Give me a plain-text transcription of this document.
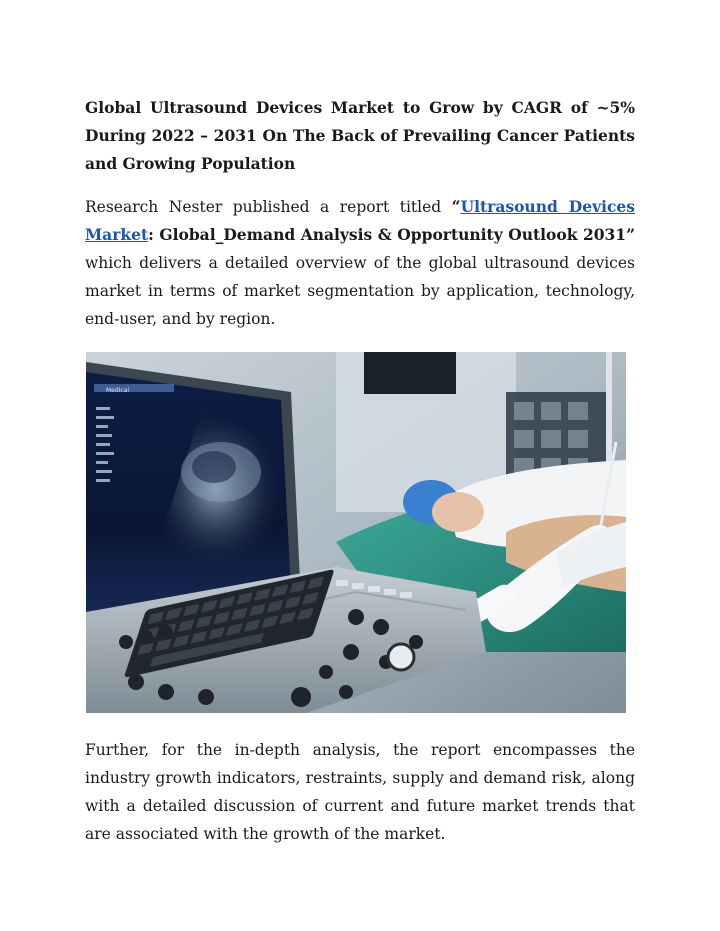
Global Ultrasound Devices Market to Grow by CAGR of ~5% During 2022 – 2031 On The Back of Prevailing Cancer Patients and Growing Population

Research Nester published a report titled “Ultrasound Devices Market: Global_Demand Analysis & Opportunity Outlook 2031” which delivers a detailed overview of the global ultrasound devices market in terms of market segmentation by application, technology, end-user, and by region.

Medical

Further, for the in-depth analysis, the report encompasses the industry growth indicators, restraints, supply and demand risk, along with a detailed discussion of current and future market trends that are associated with the growth of the market.
